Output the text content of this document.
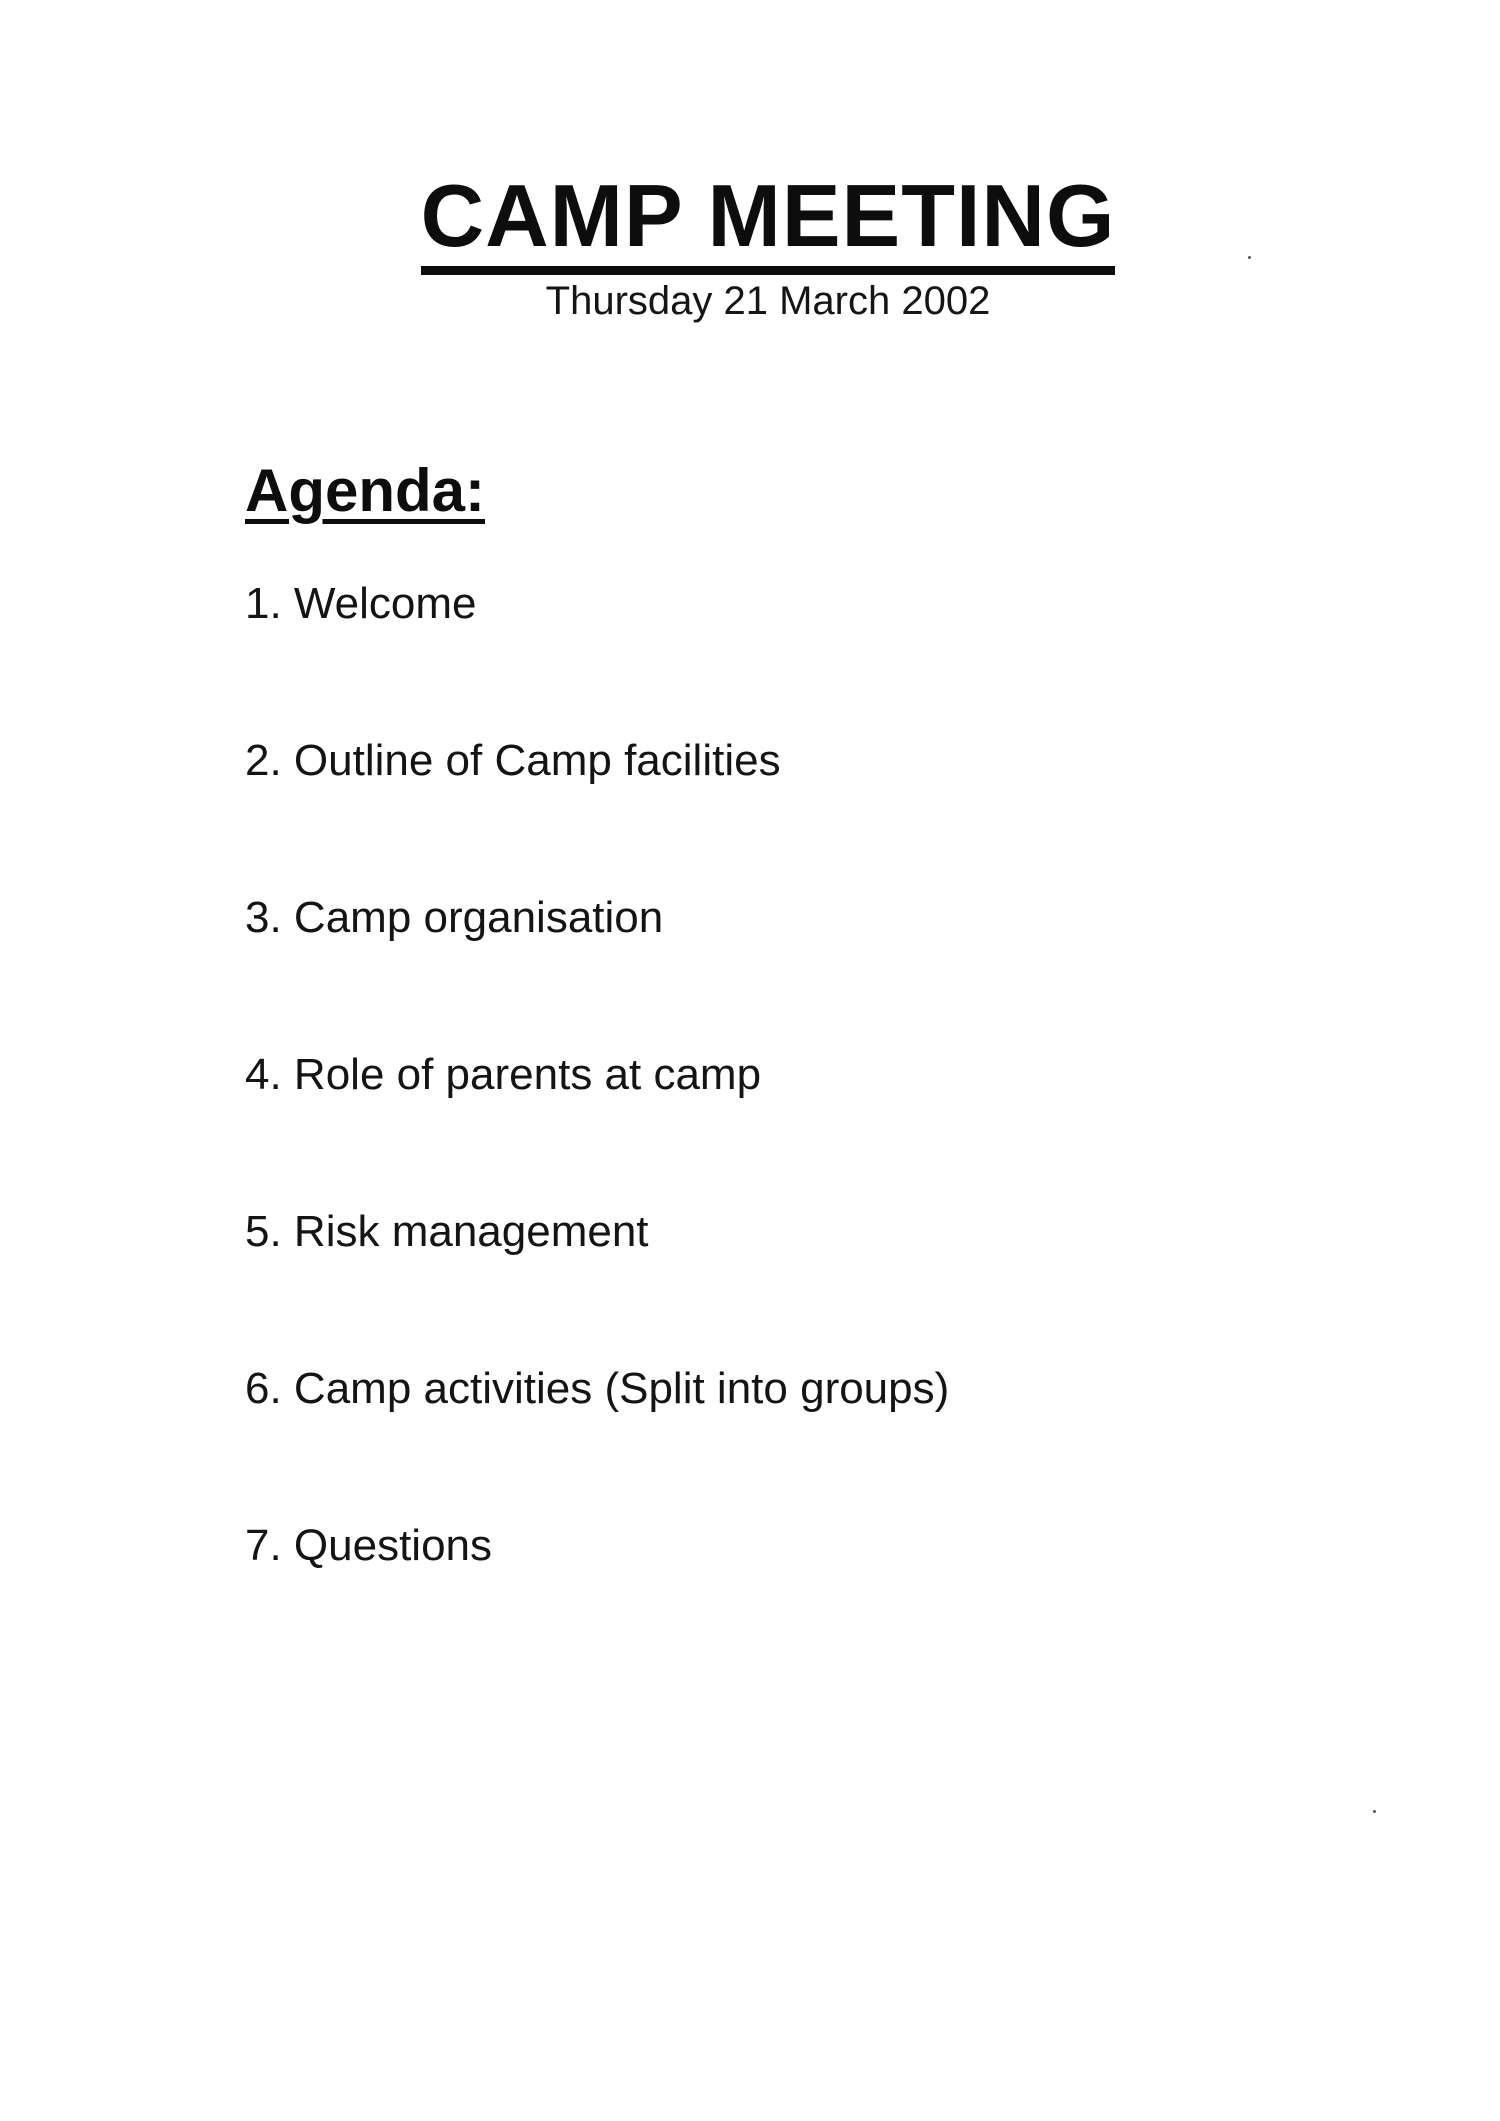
CAMP MEETING
Thursday 21 March 2002
Agenda:
1. Welcome
2. Outline of Camp facilities
3. Camp organisation
4. Role of parents at camp
5. Risk management
6. Camp activities (Split into groups)
7. Questions
